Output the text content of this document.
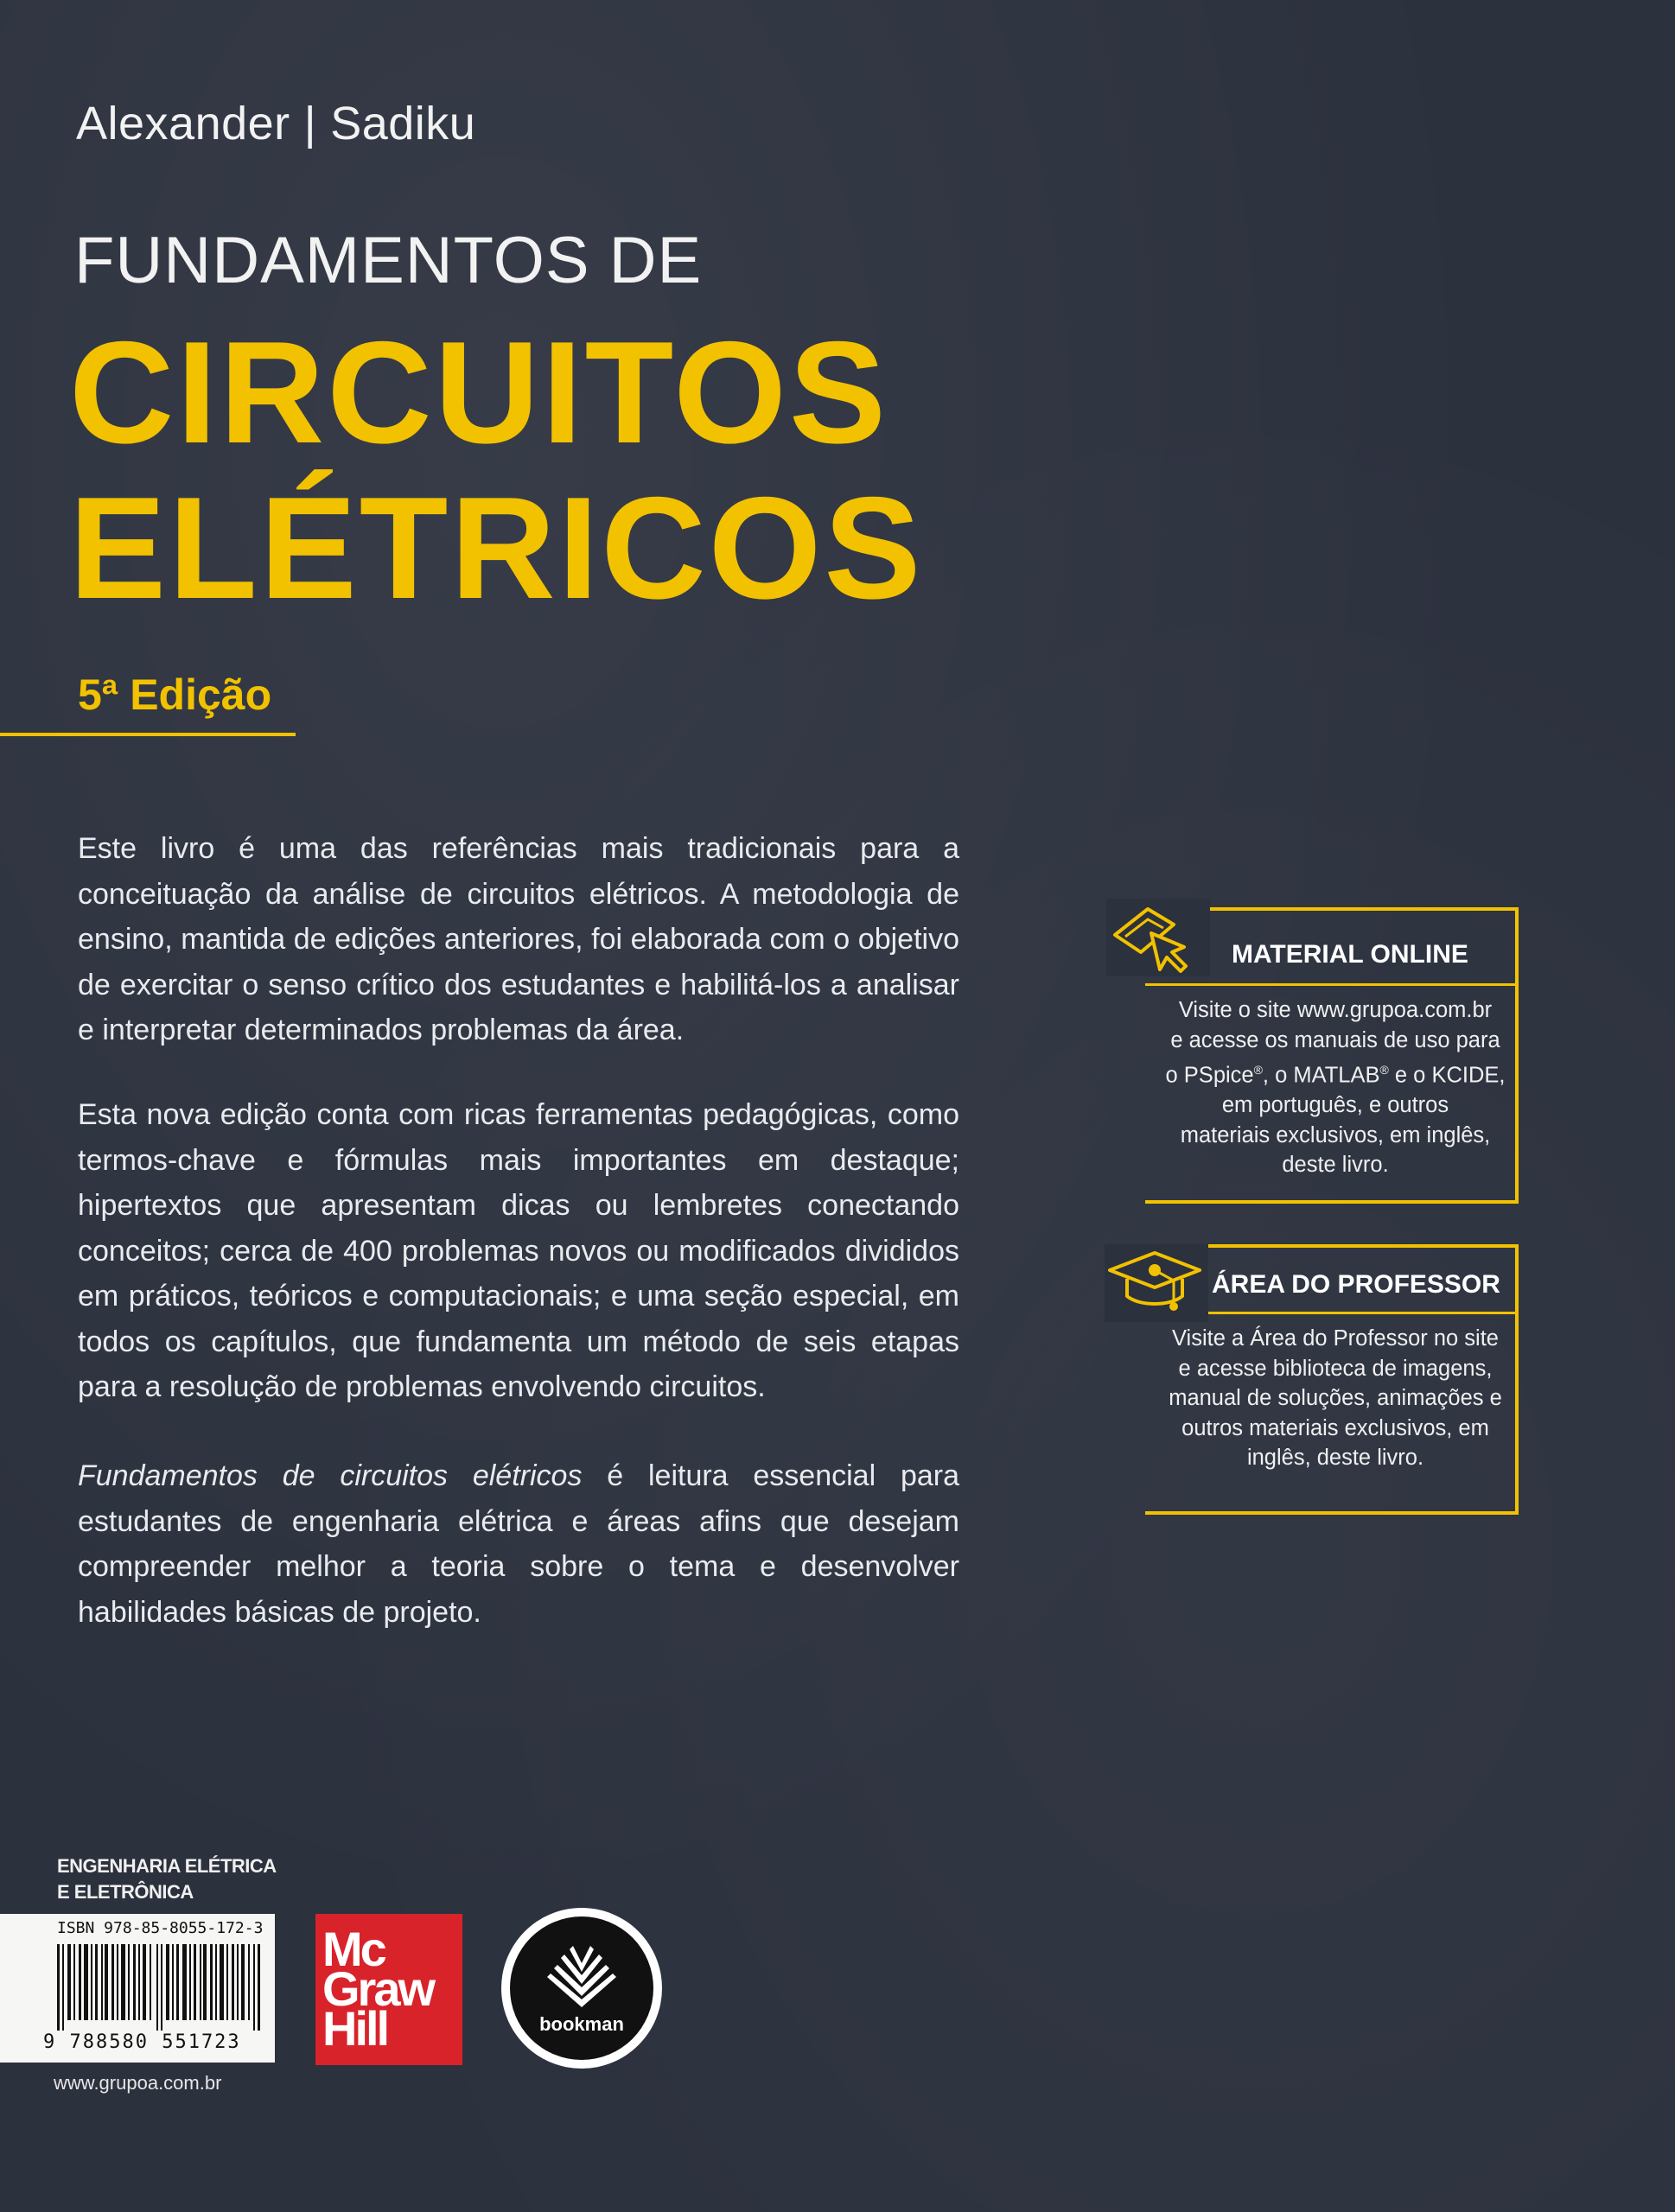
Alexander | Sadiku
FUNDAMENTOS DE
CIRCUITOS
ELÉTRICOS
5ª Edição
Este livro é uma das referências mais tradicionais para a conceituação da análise de circuitos elétricos. A metodologia de ensino, mantida de edições anteriores, foi elaborada com o objetivo de exercitar o senso crítico dos estudantes e habilitá-los a analisar e interpretar determinados problemas da área.
Esta nova edição conta com ricas ferramentas pedagógicas, como termos-chave e fórmulas mais importantes em destaque; hipertextos que apresentam dicas ou lembretes conectando conceitos; cerca de 400 problemas novos ou modificados divididos em práticos, teóricos e computacionais; e uma seção especial, em todos os capítulos, que fundamenta um método de seis etapas para a resolução de problemas envolvendo circuitos.
Fundamentos de circuitos elétricos é leitura essencial para estudantes de engenharia elétrica e áreas afins que desejam compreender melhor a teoria sobre o tema e desenvolver habilidades básicas de projeto.
MATERIAL ONLINE
Visite o site www.grupoa.com.br
e acesse os manuais de uso para
o PSpice®, o MATLAB® e o KCIDE,
em português, e outros
materiais exclusivos, em inglês,
deste livro.
ÁREA DO PROFESSOR
Visite a Área do Professor no site
e acesse biblioteca de imagens,
manual de soluções, animações e
outros materiais exclusivos, em
inglês, deste livro.
ENGENHARIA ELÉTRICA
E ELETRÔNICA
ISBN 978-85-8055-172-3
9 788580 551723
Mc
Graw
Hill	bookman
www.grupoa.com.br
